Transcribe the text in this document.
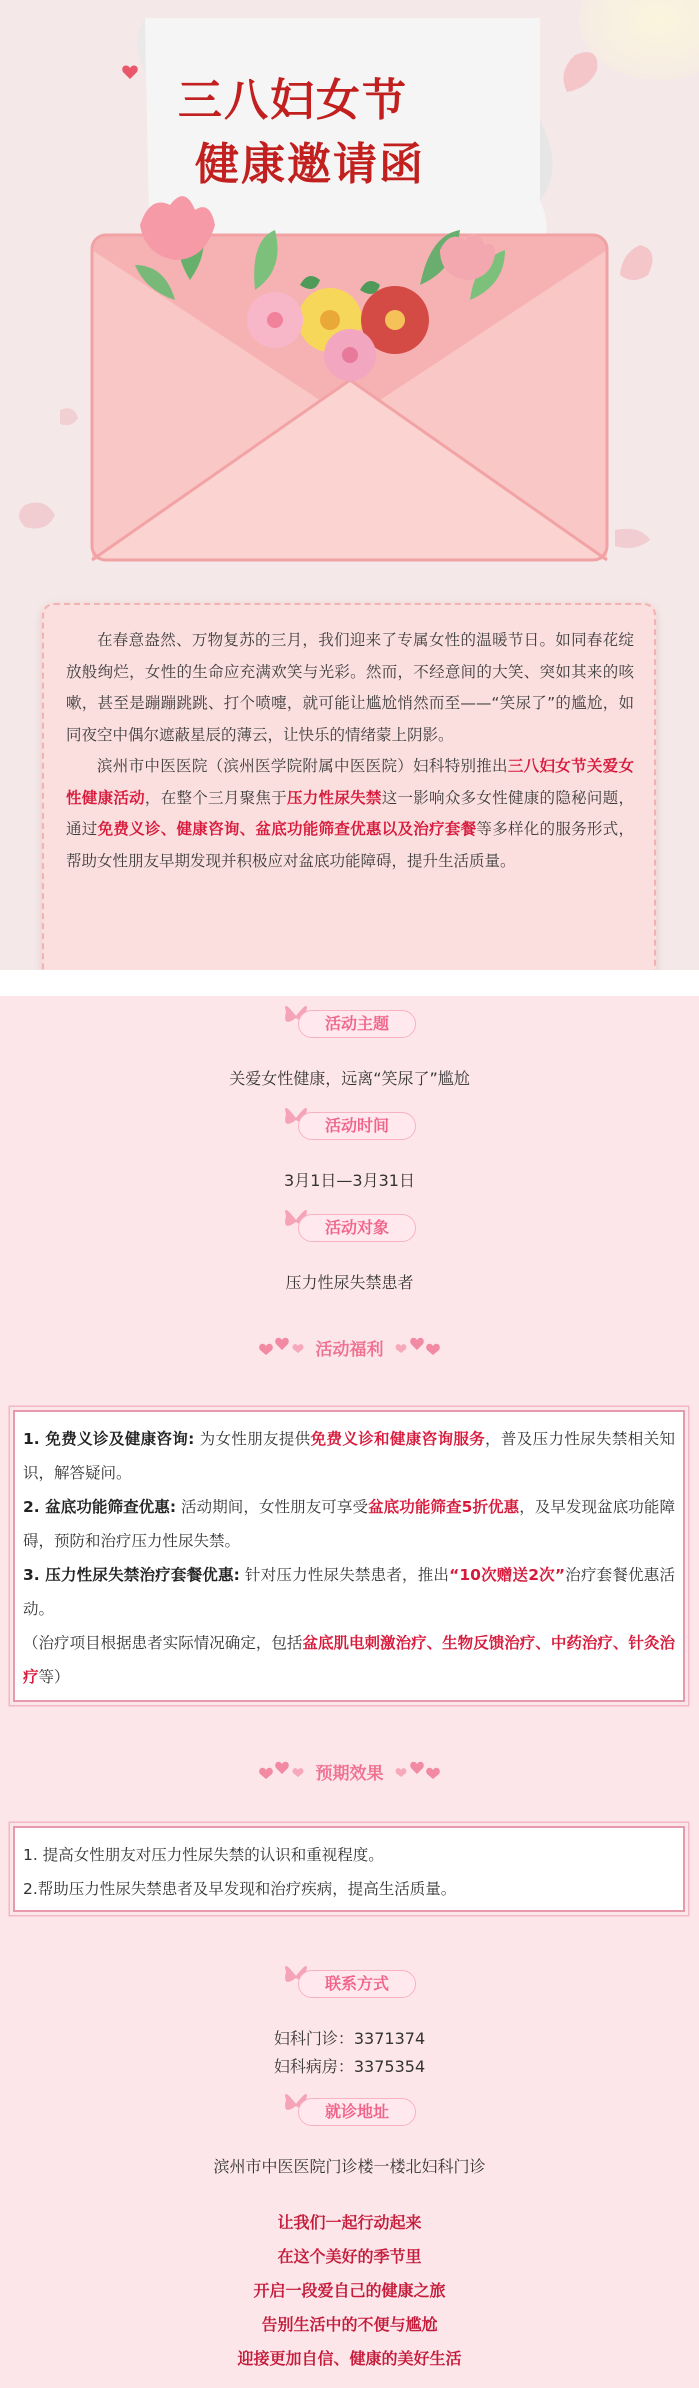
三八妇女节
健康邀请函

在春意盎然、万物复苏的三月，我们迎来了专属女性的温暖节日。如同春花绽放般绚烂，女性的生命应充满欢笑与光彩。然而，不经意间的大笑、突如其来的咳嗽，甚至是蹦蹦跳跳、打个喷嚏，就可能让尴尬悄然而至——“笑尿了”的尴尬，如同夜空中偶尔遮蔽星辰的薄云，让快乐的情绪蒙上阴影。

滨州市中医医院（滨州医学院附属中医医院）妇科特别推出三八妇女节关爱女性健康活动，在整个三月聚焦于压力性尿失禁这一影响众多女性健康的隐秘问题，通过免费义诊、健康咨询、盆底功能筛查优惠以及治疗套餐等多样化的服务形式，帮助女性朋友早期发现并积极应对盆底功能障碍，提升生活质量。

活动主题
关爱女性健康，远离“笑尿了”尴尬
活动时间
3月1日—3月31日
活动对象
压力性尿失禁患者
活动福利

1. 免费义诊及健康咨询: 为女性朋友提供免费义诊和健康咨询服务，普及压力性尿失禁相关知识，解答疑问。

2. 盆底功能筛查优惠: 活动期间，女性朋友可享受盆底功能筛查5折优惠，及早发现盆底功能障碍，预防和治疗压力性尿失禁。

3. 压力性尿失禁治疗套餐优惠: 针对压力性尿失禁患者，推出“10次赠送2次”治疗套餐优惠活动。

（治疗项目根据患者实际情况确定，包括盆底肌电刺激治疗、生物反馈治疗、中药治疗、针灸治疗等）

预期效果

1. 提高女性朋友对压力性尿失禁的认识和重视程度。

2.帮助压力性尿失禁患者及早发现和治疗疾病，提高生活质量。

联系方式
妇科门诊：3371374
妇科病房：3375354
就诊地址
滨州市中医医院门诊楼一楼北妇科门诊
让我们一起行动起来
在这个美好的季节里
开启一段爱自己的健康之旅
告别生活中的不便与尴尬
迎接更加自信、健康的美好生活
